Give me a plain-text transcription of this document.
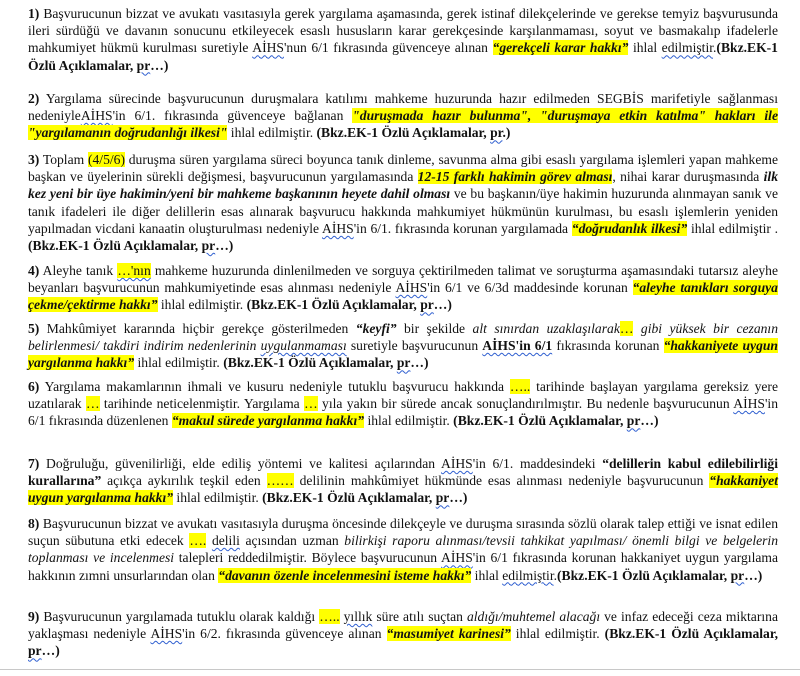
1) Başvurucunun bizzat ve avukatı vasıtasıyla gerek yargılama aşamasında, gerek istinaf dilekçelerinde ve gerekse temyiz başvurusunda ileri sürdüğü ve davanın sonucunu etkileyecek esaslı hususların karar gerekçesinde karşılanmaması, soyut ve basmakalıp ifadelerle mahkumiyet hükmü kurulması suretiyle AİHS'nun 6/1 fıkrasında güvenceye alınan “gerekçeli karar hakkı” ihlal edilmiştir.(Bkz.EK-1 Özlü Açıklamalar, pr…)

2) Yargılama sürecinde başvurucunun duruşmalara katılımı mahkeme huzurunda hazır edilmeden SEGBİS marifetiyle sağlanması nedeniyleAİHS'in 6/1. fıkrasında güvenceye bağlanan "duruşmada hazır bulunma", "duruşmaya etkin katılma" hakları ile "yargılamanın doğrudanlığı ilkesi" ihlal edilmiştir. (Bkz.EK-1 Özlü Açıklamalar, pr.)

3) Toplam (4/5/6) duruşma süren yargılama süreci boyunca tanık dinleme, savunma alma gibi esaslı yargılama işlemleri yapan mahkeme başkan ve üyelerinin sürekli değişmesi, başvurucunun yargılamasında 12-15 farklı hakimin görev alması, nihai karar duruşmasında ilk kez yeni bir üye hakimin/yeni bir mahkeme başkanının heyete dahil olması ve bu başkanın/üye hakimin huzurunda alınmayan sanık ve tanık ifadeleri ile diğer delillerin esas alınarak başvurucu hakkında mahkumiyet hükmünün kurulması, bu esaslı işlemlerin yeniden yapılmadan vicdani kanaatin oluşturulması nedeniyle AİHS'in 6/1. fıkrasında korunan yargılamada “doğrudanlık ilkesi” ihlal edilmiştir .(Bkz.EK-1 Özlü Açıklamalar, pr…)

4) Aleyhe tanık …'nın mahkeme huzurunda dinlenilmeden ve sorguya çektirilmeden talimat ve soruşturma aşamasındaki tutarsız aleyhe beyanları başvurucunun mahkumiyetinde esas alınması nedeniyle AİHS'in 6/1 ve 6/3d maddesinde korunan “aleyhe tanıkları sorguya çekme/çektirme hakkı” ihlal edilmiştir. (Bkz.EK-1 Özlü Açıklamalar, pr…)

5) Mahkûmiyet kararında hiçbir gerekçe gösterilmeden “keyfi” bir şekilde alt sınırdan uzaklaşılarak… gibi yüksek bir cezanın belirlenmesi/ takdiri indirim nedenlerinin uygulanmaması suretiyle başvurucunun AİHS'in 6/1 fıkrasında korunan “hakkaniyete uygun yargılanma hakkı” ihlal edilmiştir. (Bkz.EK-1 Özlü Açıklamalar, pr…)

6) Yargılama makamlarının ihmali ve kusuru nedeniyle tutuklu başvurucu hakkında ….. tarihinde başlayan yargılama gereksiz yere uzatılarak … tarihinde neticelenmiştir. Yargılama … yıla yakın bir sürede ancak sonuçlandırılmıştır. Bu nedenle başvurucunun AİHS'in 6/1 fıkrasında düzenlenen “makul sürede yargılanma hakkı” ihlal edilmiştir. (Bkz.EK-1 Özlü Açıklamalar, pr…)

7) Doğruluğu, güvenilirliği, elde ediliş yöntemi ve kalitesi açılarından AİHS'in 6/1. maddesindeki “delillerin kabul edilebilirliği kurallarına” açıkça aykırılık teşkil eden …… delilinin mahkûmiyet hükmünde esas alınması nedeniyle başvurucunun “hakkaniyet uygun yargılanma hakkı” ihlal edilmiştir. (Bkz.EK-1 Özlü Açıklamalar, pr…)

8) Başvurucunun bizzat ve avukatı vasıtasıyla duruşma öncesinde dilekçeyle ve duruşma sırasında sözlü olarak talep ettiği ve isnat edilen suçun sübutuna etki edecek …. delili açısından uzman bilirkişi raporu alınması/tevsii tahkikat yapılması/ önemli bilgi ve belgelerin toplanması ve incelenmesi talepleri reddedilmiştir. Böylece başvurucunun AİHS'in 6/1 fıkrasında korunan hakkaniyet uygun yargılama hakkının zımni unsurlarından olan “davanın özenle incelenmesini isteme hakkı” ihlal edilmiştir.(Bkz.EK-1 Özlü Açıklamalar, pr…)

9) Başvurucunun yargılamada tutuklu olarak kaldığı ….. yıllık süre atılı suçtan aldığı/muhtemel alacağı ve infaz edeceği ceza miktarına yaklaşması nedeniyle AİHS'in 6/2. fıkrasında güvenceye alınan “masumiyet karinesi” ihlal edilmiştir. (Bkz.EK-1 Özlü Açıklamalar, pr…)
